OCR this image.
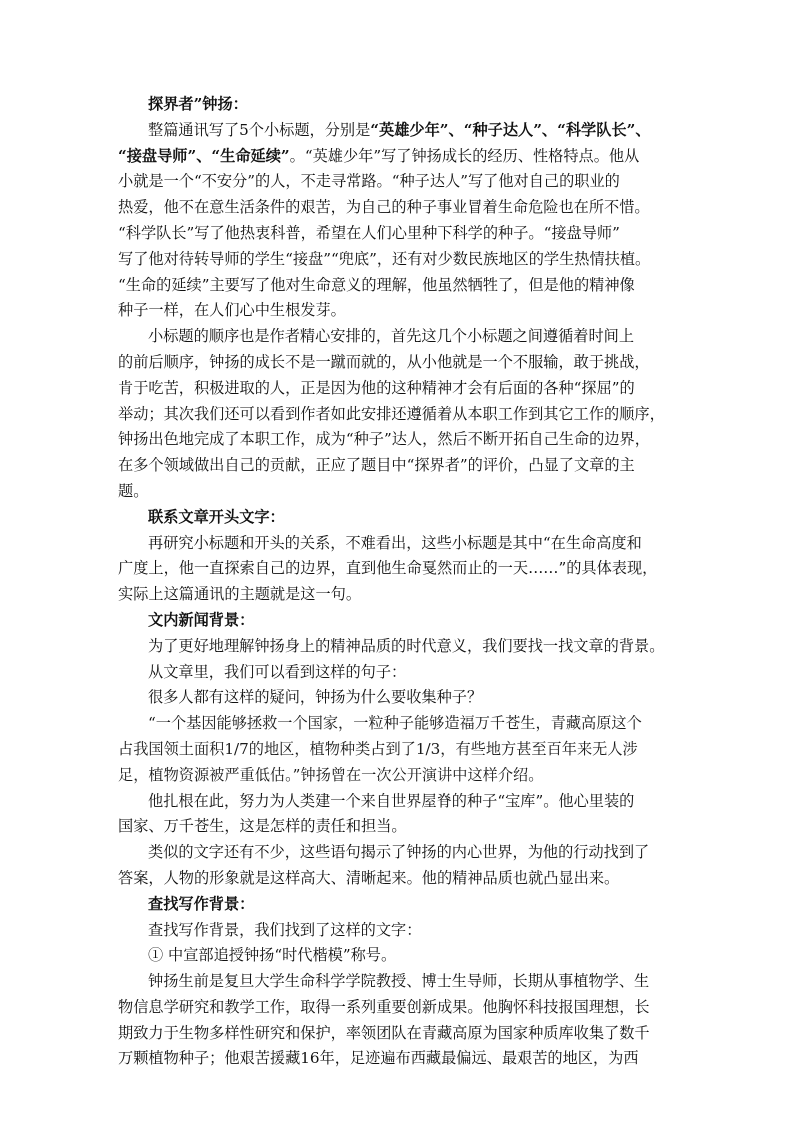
探界者”钟扬：

整篇通讯写了5个小标题，分别是“英雄少年”、“种子达人”、“科学队长”、

“接盘导师”、“生命延续”。“英雄少年”写了钟扬成长的经历、性格特点。他从

小就是一个“不安分”的人，不走寻常路。“种子达人”写了他对自己的职业的

热爱，他不在意生活条件的艰苦，为自己的种子事业冒着生命危险也在所不惜。

“科学队长”写了他热衷科普，希望在人们心里种下科学的种子。“接盘导师”

写了他对待转导师的学生“接盘”“兜底”，还有对少数民族地区的学生热情扶植。

“生命的延续”主要写了他对生命意义的理解，他虽然牺牲了，但是他的精神像

种子一样，在人们心中生根发芽。

小标题的顺序也是作者精心安排的，首先这几个小标题之间遵循着时间上

的前后顺序，钟扬的成长不是一蹴而就的，从小他就是一个不服输，敢于挑战，

肯于吃苦，积极进取的人，正是因为他的这种精神才会有后面的各种“探屈”的

举动；其次我们还可以看到作者如此安排还遵循着从本职工作到其它工作的顺序，

钟扬出色地完成了本职工作，成为“种子”达人，然后不断开拓自己生命的边界，

在多个领域做出自己的贡献，正应了题目中“探界者”的评价，凸显了文章的主

题。

联系文章开头文字：

再研究小标题和开头的关系，不难看出，这些小标题是其中“在生命高度和

广度上，他一直探索自己的边界，直到他生命戛然而止的一天……”的具体表现，

实际上这篇通讯的主题就是这一句。

文内新闻背景：

为了更好地理解钟扬身上的精神品质的时代意义，我们要找一找文章的背景。

从文章里，我们可以看到这样的句子：

很多人都有这样的疑问，钟扬为什么要收集种子？

“一个基因能够拯救一个国家，一粒种子能够造福万千苍生，青藏高原这个

占我国领土面积1/7的地区，植物种类占到了1/3，有些地方甚至百年来无人涉

足，植物资源被严重低估。”钟扬曾在一次公开演讲中这样介绍。

他扎根在此，努力为人类建一个来自世界屋脊的种子“宝库”。他心里装的

国家、万千苍生，这是怎样的责任和担当。

类似的文字还有不少，这些语句揭示了钟扬的内心世界，为他的行动找到了

答案，人物的形象就是这样高大、清晰起来。他的精神品质也就凸显出来。

查找写作背景：

查找写作背景，我们找到了这样的文字：

① 中宣部追授钟扬“时代楷模”称号。

钟扬生前是复旦大学生命科学学院教授、博士生导师，长期从事植物学、生

物信息学研究和教学工作，取得一系列重要创新成果。他胸怀科技报国理想，长

期致力于生物多样性研究和保护，率领团队在青藏高原为国家种质库收集了数千

万颗植物种子；他艰苦援藏16年，足迹遍布西藏最偏远、最艰苦的地区，为西
